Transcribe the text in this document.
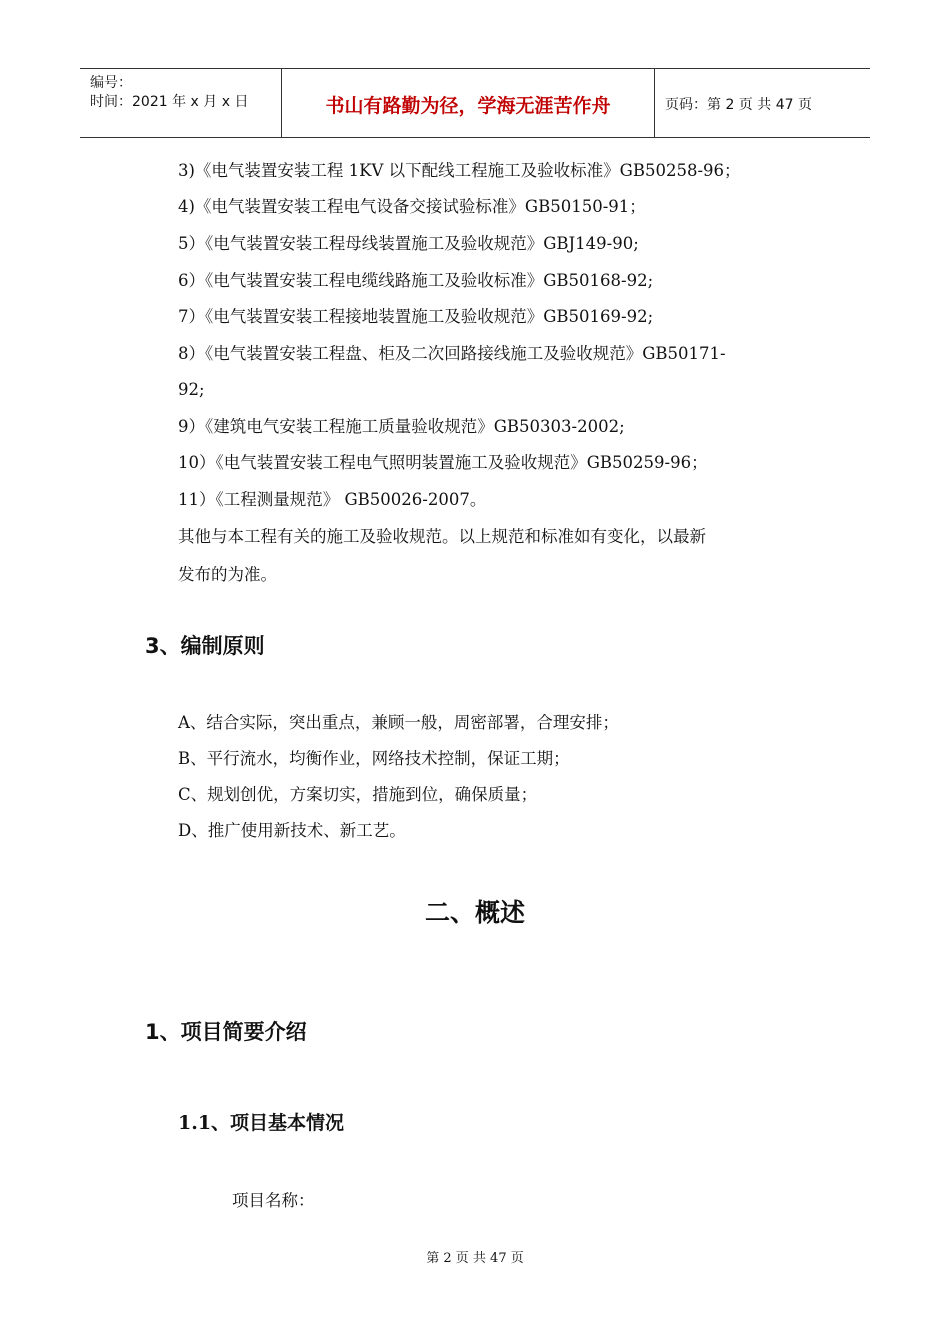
编号：
时间：2021 年 x 月 x 日	书山有路勤为径，学海无涯苦作舟	页码：第 2 页 共 47 页
3)《电气装置安装工程 1KV 以下配线工程施工及验收标准》GB50258-96；
4)《电气装置安装工程电气设备交接试验标准》GB50150-91；
5）《电气装置安装工程母线装置施工及验收规范》GBJ149-90;
6）《电气装置安装工程电缆线路施工及验收标准》GB50168-92;
7）《电气装置安装工程接地装置施工及验收规范》GB50169-92;
8）《电气装置安装工程盘、柜及二次回路接线施工及验收规范》GB50171-
92;
9）《建筑电气安装工程施工质量验收规范》GB50303-2002;
10）《电气装置安装工程电气照明装置施工及验收规范》GB50259-96；
11）《工程测量规范》 GB50026-2007。
其他与本工程有关的施工及验收规范。以上规范和标准如有变化，以最新
发布的为准。
3、编制原则
A、结合实际，突出重点，兼顾一般，周密部署，合理安排；
B、平行流水，均衡作业，网络技术控制，保证工期；
C、规划创优，方案切实，措施到位，确保质量；
D、推广使用新技术、新工艺。
二、概述
1、项目简要介绍
1.1、项目基本情况
项目名称：
第 2 页 共 47 页
